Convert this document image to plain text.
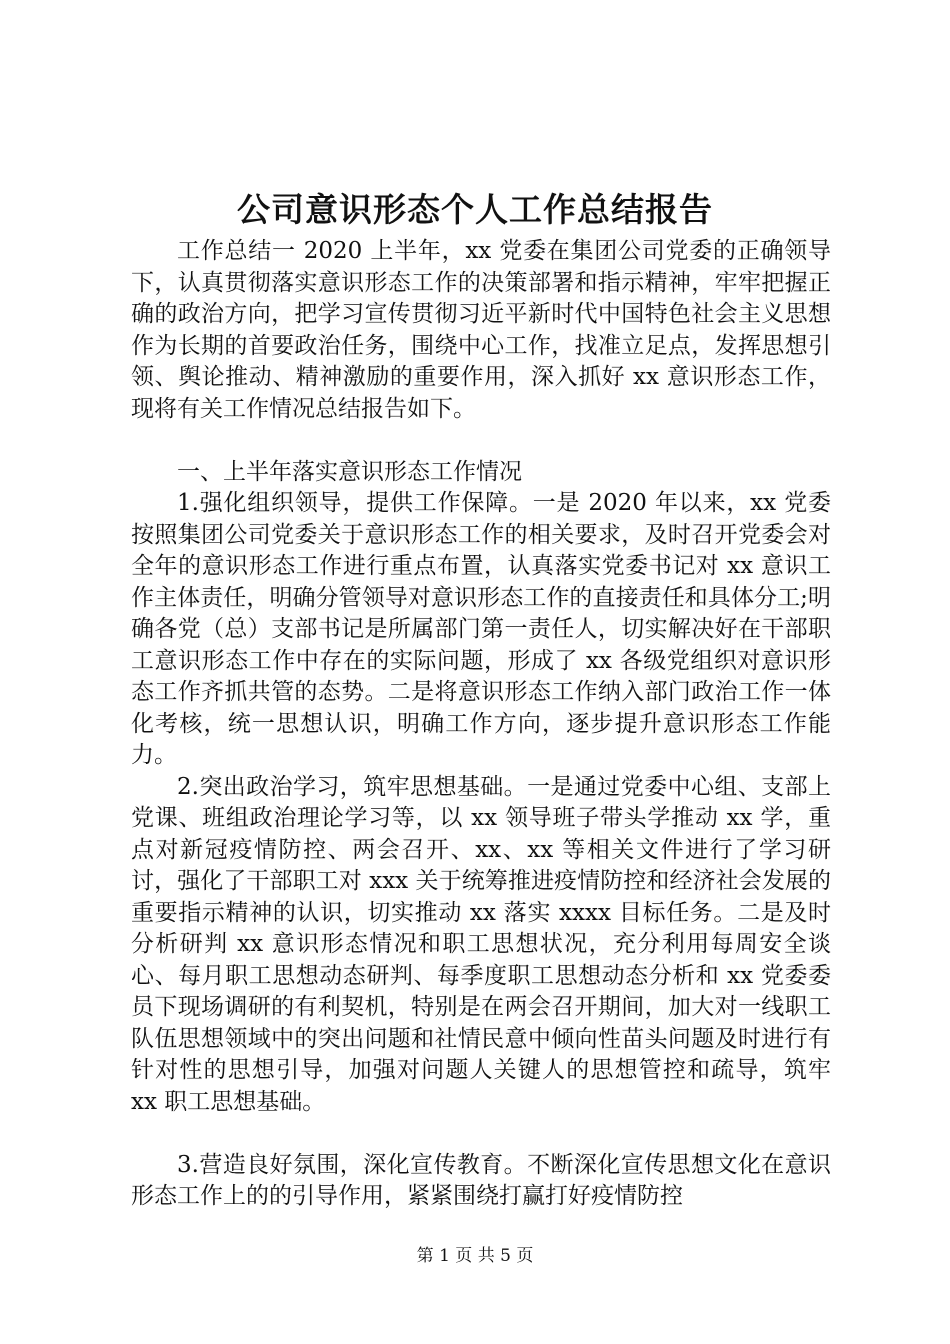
公司意识形态个人工作总结报告

工作总结一 2020 上半年，xx 党委在集团公司党委的正确领导下，认真贯彻落实意识形态工作的决策部署和指示精神，牢牢把握正确的政治方向，把学习宣传贯彻习近平新时代中国特色社会主义思想作为长期的首要政治任务，围绕中心工作，找准立足点，发挥思想引领、舆论推动、精神激励的重要作用，深入抓好 xx 意识形态工作，现将有关工作情况总结报告如下。

一、上半年落实意识形态工作情况

1.强化组织领导，提供工作保障。一是 2020 年以来，xx 党委按照集团公司党委关于意识形态工作的相关要求，及时召开党委会对全年的意识形态工作进行重点布置，认真落实党委书记对 xx 意识工作主体责任，明确分管领导对意识形态工作的直接责任和具体分工;明确各党（总）支部书记是所属部门第一责任人，切实解决好在干部职工意识形态工作中存在的实际问题，形成了 xx 各级党组织对意识形态工作齐抓共管的态势。二是将意识形态工作纳入部门政治工作一体化考核，统一思想认识，明确工作方向，逐步提升意识形态工作能力。

2.突出政治学习，筑牢思想基础。一是通过党委中心组、支部上党课、班组政治理论学习等，以 xx 领导班子带头学推动 xx 学，重点对新冠疫情防控、两会召开、xx、xx 等相关文件进行了学习研讨，强化了干部职工对 xxx 关于统筹推进疫情防控和经济社会发展的重要指示精神的认识，切实推动 xx 落实 xxxx 目标任务。二是及时分析研判 xx 意识形态情况和职工思想状况，充分利用每周安全谈心、每月职工思想动态研判、每季度职工思想动态分析和 xx 党委委员下现场调研的有利契机，特别是在两会召开期间，加大对一线职工队伍思想领域中的突出问题和社情民意中倾向性苗头问题及时进行有针对性的思想引导，加强对问题人关键人的思想管控和疏导，筑牢 xx 职工思想基础。

3.营造良好氛围，深化宣传教育。不断深化宣传思想文化在意识形态工作上的的引导作用，紧紧围绕打赢打好疫情防控

第 1 页 共 5 页
